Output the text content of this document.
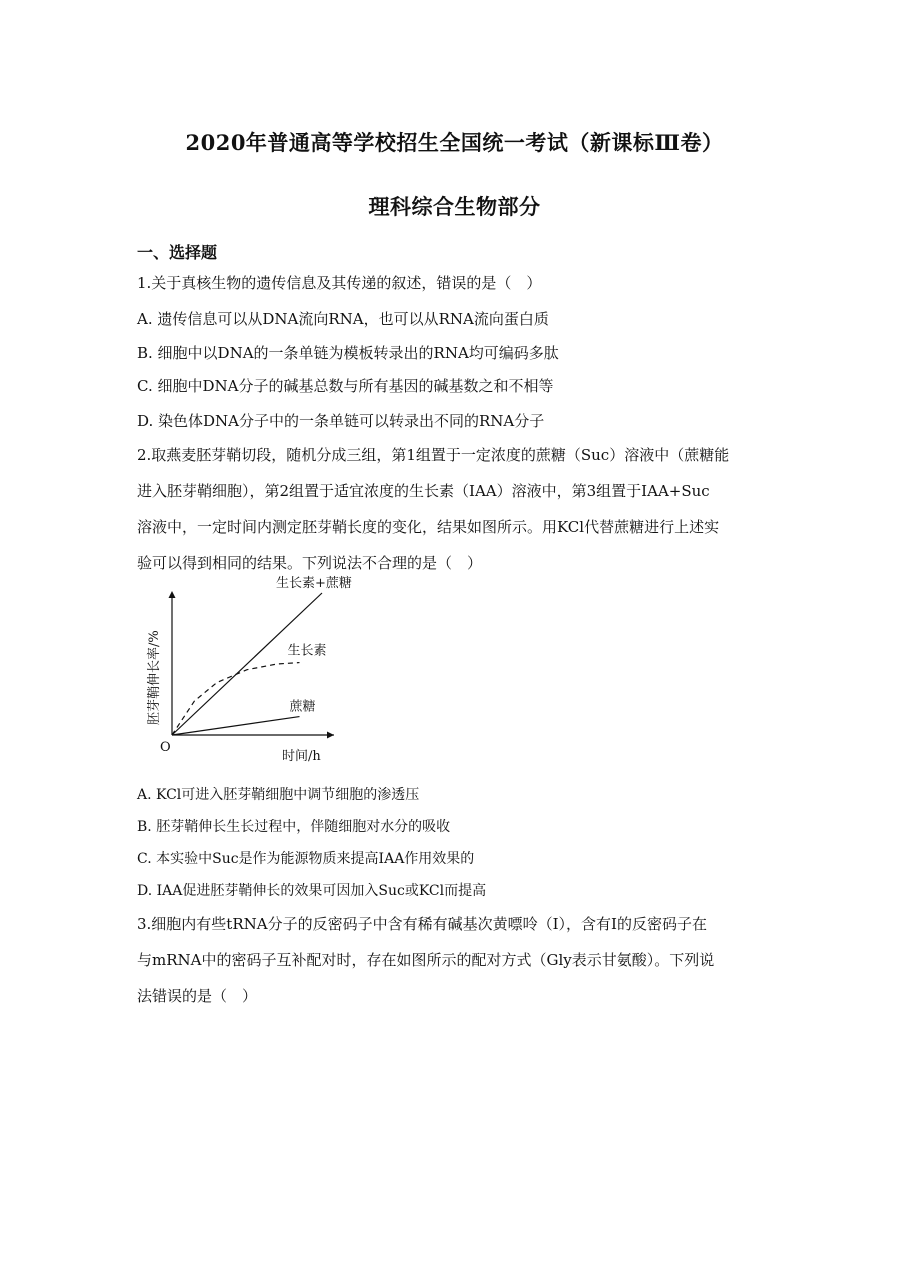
2020年普通高等学校招生全国统一考试（新课标Ⅲ卷）
理科综合生物部分
一、选择题
1.关于真核生物的遗传信息及其传递的叙述，错误的是（　）
A. 遗传信息可以从DNA流向RNA，也可以从RNA流向蛋白质
B. 细胞中以DNA的一条单链为模板转录出的RNA均可编码多肽
C. 细胞中DNA分子的碱基总数与所有基因的碱基数之和不相等
D. 染色体DNA分子中的一条单链可以转录出不同的RNA分子
2.取燕麦胚芽鞘切段，随机分成三组，第1组置于一定浓度的蔗糖（Suc）溶液中（蔗糖能
进入胚芽鞘细胞），第2组置于适宜浓度的生长素（IAA）溶液中，第3组置于IAA+Suc
溶液中，一定时间内测定胚芽鞘长度的变化，结果如图所示。用KCl代替蔗糖进行上述实
验可以得到相同的结果。下列说法不合理的是（　）
生长素+蔗糖
生长素
蔗糖
O
时间/h
胚芽鞘伸长率/%
A. KCl可进入胚芽鞘细胞中调节细胞的渗透压
B. 胚芽鞘伸长生长过程中，伴随细胞对水分的吸收
C. 本实验中Suc是作为能源物质来提高IAA作用效果的
D. IAA促进胚芽鞘伸长的效果可因加入Suc或KCl而提高
3.细胞内有些tRNA分子的反密码子中含有稀有碱基次黄嘌呤（I），含有I的反密码子在
与mRNA中的密码子互补配对时，存在如图所示的配对方式（Gly表示甘氨酸）。下列说
法错误的是（　）
